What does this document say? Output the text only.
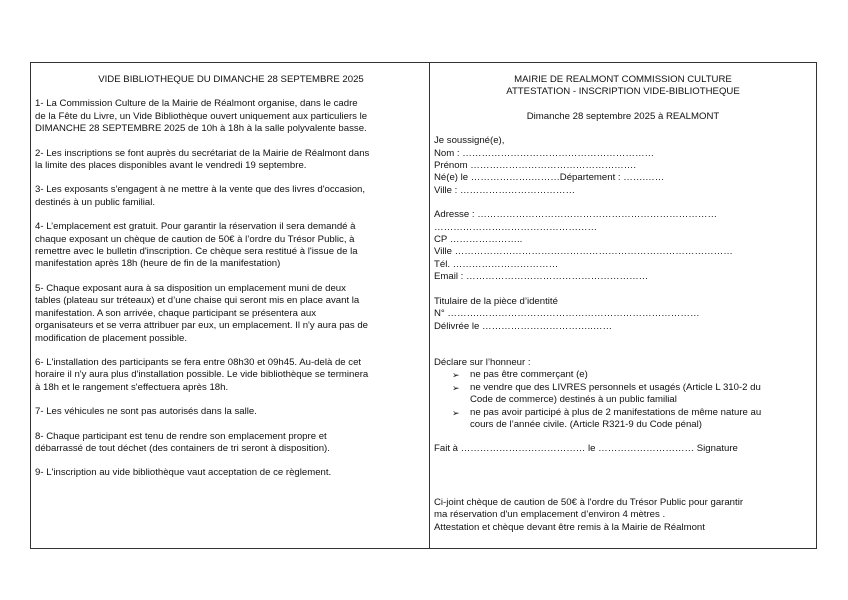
VIDE BIBLIOTHEQUE DU DIMANCHE 28 SEPTEMBRE 2025

1- La Commission Culture de la Mairie de Réalmont organise, dans le cadre

de la Fête du Livre, un Vide Bibliothèque ouvert uniquement aux particuliers le

DIMANCHE 28 SEPTEMBRE 2025 de 10h à 18h à la salle polyvalente basse.

2- Les inscriptions se font auprès du secrétariat de la Mairie de Réalmont dans

la limite des places disponibles avant le vendredi 19 septembre.

3- Les exposants s'engagent à ne mettre à la vente que des livres d'occasion,

destinés à un public familial.

4- L’emplacement est gratuit. Pour garantir la réservation il sera demandé à

chaque exposant un chèque de caution de 50€ à l’ordre du Trésor Public, à

remettre avec le bulletin d'inscription. Ce chèque sera restitué à l'issue de la

manifestation après 18h (heure de fin de la manifestation)

5- Chaque exposant aura à sa disposition un emplacement muni de deux

tables (plateau sur tréteaux) et d’une chaise qui seront mis en place avant la

manifestation. A son arrivée, chaque participant se présentera aux

organisateurs et se verra attribuer par eux, un emplacement. Il n'y aura pas de

modification de placement possible.

6- L'installation des participants se fera entre 08h30 et 09h45. Au-delà de cet

horaire il n'y aura plus d'installation possible. Le vide bibliothèque se terminera

à 18h et le rangement s'effectuera après 18h.

7- Les véhicules ne sont pas autorisés dans la salle.

8- Chaque participant est tenu de rendre son emplacement propre et

débarrassé de tout déchet (des containers de tri seront à disposition).

9- L'inscription au vide bibliothèque vaut acceptation de ce règlement.

MAIRIE DE REALMONT COMMISSION CULTURE

ATTESTATION - INSCRIPTION VIDE-BIBLIOTHEQUE

Dimanche 28 septembre 2025 à REALMONT

Je soussigné(e),

Nom : ……………………………………………………

Prénom …………………………………………….

Né(e) le ……………….………Département : …….……

Ville : ………………………………

Adresse : …………………………………………………………………

……………………………………………

CP …………………..

Ville ……………………………………………………………………………

Tél. ……………………………

Email : …………………………………………………

Titulaire de la pièce d’identité

N° ……….……………………………………………………………

Délivrée le ……………………………..……

Déclare sur l’honneur :

➢ ne pas être commerçant (e)

➢ ne vendre que des LIVRES personnels et usagés (Article L 310-2 du

Code de commerce) destinés à un public familial

➢ ne pas avoir participé à plus de 2 manifestations de même nature au

cours de l’année civile. (Article R321-9 du Code pénal)

Fait à ………………………………… le ………………………… Signature

Ci-joint chèque de caution de 50€ à l'ordre du Trésor Public pour garantir

ma réservation d'un emplacement d’environ 4 mètres .

Attestation et chèque devant être remis à la Mairie de Réalmont
